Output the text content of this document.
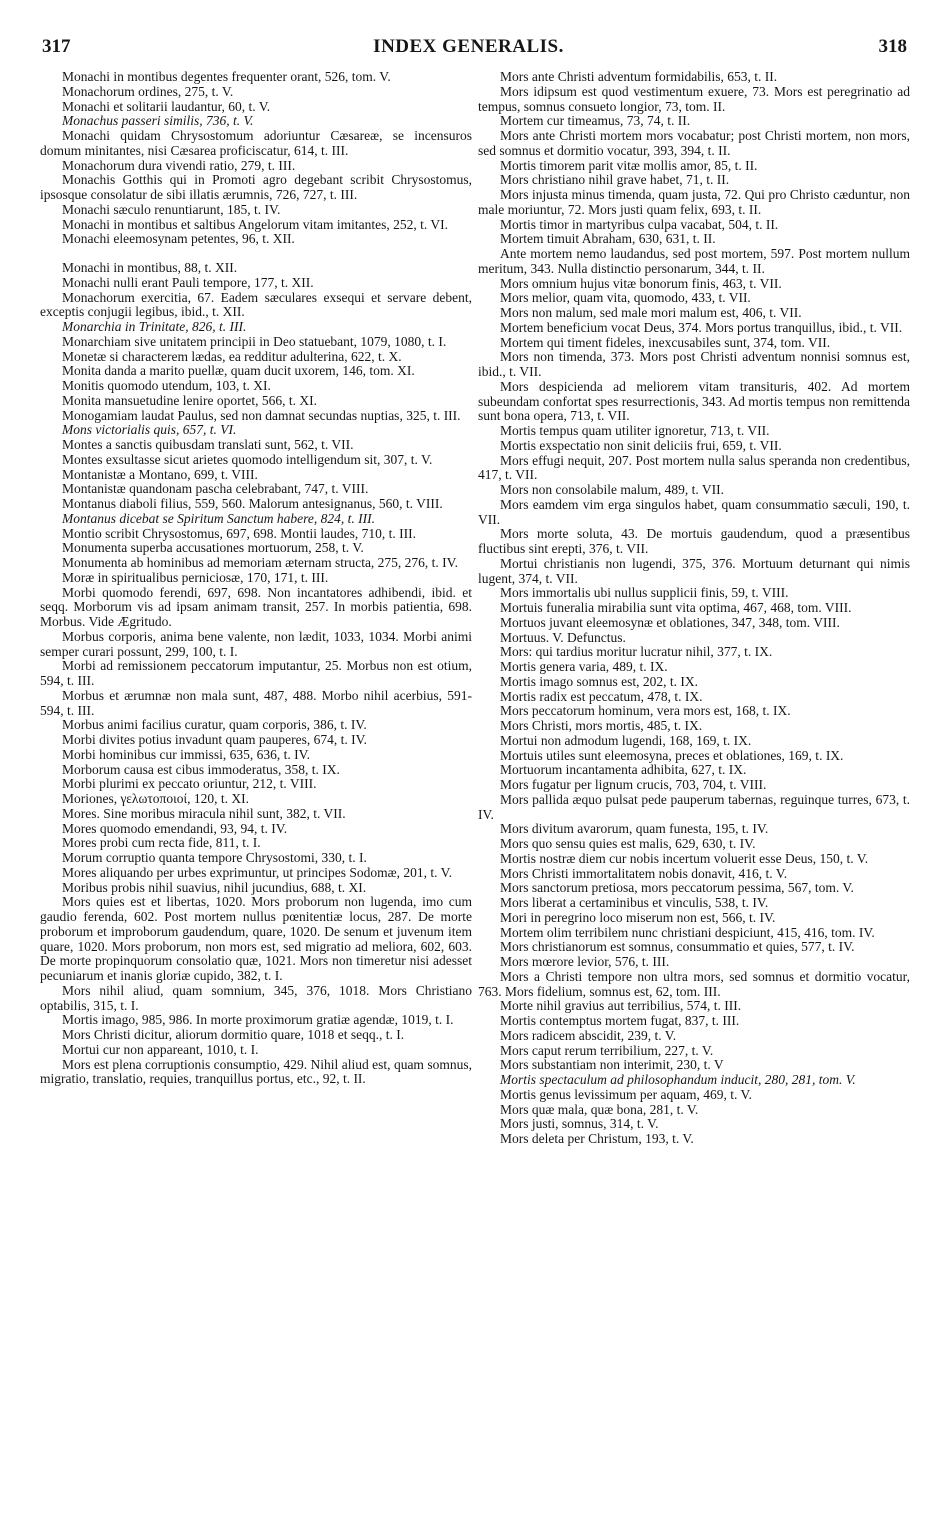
317	INDEX GENERALIS.	318

Monachi in montibus degentes frequenter orant, 526, tom. V.

Monachorum ordines, 275, t. V.

Monachi et solitarii laudantur, 60, t. V.

Monachus passeri similis, 736, t. V.

Monachi quidam Chrysostomum adoriuntur Cæsareæ, se incensuros domum minitantes, nisi Cæsarea proficiscatur, 614, t. III.

Monachorum dura vivendi ratio, 279, t. III.

Monachis Gotthis qui in Promoti agro degebant scribit Chrysostomus, ipsosque consolatur de sibi illatis ærumnis, 726, 727, t. III.

Monachi sæculo renuntiarunt, 185, t. IV.

Monachi in montibus et saltibus Angelorum vitam imitantes, 252, t. VI.

Monachi eleemosynam petentes, 96, t. XII.

Monachi in montibus, 88, t. XII.

Monachi nulli erant Pauli tempore, 177, t. XII.

Monachorum exercitia, 67. Eadem sæculares exsequi et servare debent, exceptis conjugii legibus, ibid., t. XII.

Monarchia in Trinitate, 826, t. III.

Monarchiam sive unitatem principii in Deo statuebant, 1079, 1080, t. I.

Monetæ si characterem lædas, ea redditur adulterina, 622, t. X.

Monita danda a marito puellæ, quam ducit uxorem, 146, tom. XI.

Monitis quomodo utendum, 103, t. XI.

Monita mansuetudine lenire oportet, 566, t. XI.

Monogamiam laudat Paulus, sed non damnat secundas nuptias, 325, t. III.

Mons victorialis quis, 657, t. VI.

Montes a sanctis quibusdam translati sunt, 562, t. VII.

Montes exsultasse sicut arietes quomodo intelligendum sit, 307, t. V.

Montanistæ a Montano, 699, t. VIII.

Montanistæ quandonam pascha celebrabant, 747, t. VIII.

Montanus diaboli filius, 559, 560. Malorum antesignanus, 560, t. VIII.

Montanus dicebat se Spiritum Sanctum habere, 824, t. III.

Montio scribit Chrysostomus, 697, 698. Montii laudes, 710, t. III.

Monumenta superba accusationes mortuorum, 258, t. V.

Monumenta ab hominibus ad memoriam æternam structa, 275, 276, t. IV.

Moræ in spiritualibus perniciosæ, 170, 171, t. III.

Morbi quomodo ferendi, 697, 698. Non incantatores adhibendi, ibid. et seqq. Morborum vis ad ipsam animam transit, 257. In morbis patientia, 698. Morbus. Vide Ægritudo.

Morbus corporis, anima bene valente, non lædit, 1033, 1034. Morbi animi semper curari possunt, 299, 100, t. I.

Morbi ad remissionem peccatorum imputantur, 25. Morbus non est otium, 594, t. III.

Morbus et ærumnæ non mala sunt, 487, 488. Morbo nihil acerbius, 591-594, t. III.

Morbus animi facilius curatur, quam corporis, 386, t. IV.

Morbi divites potius invadunt quam pauperes, 674, t. IV.

Morbi hominibus cur immissi, 635, 636, t. IV.

Morborum causa est cibus immoderatus, 358, t. IX.

Morbi plurimi ex peccato oriuntur, 212, t. VIII.

Moriones, γελωτοποιοί, 120, t. XI.

Mores. Sine moribus miracula nihil sunt, 382, t. VII.

Mores quomodo emendandi, 93, 94, t. IV.

Mores probi cum recta fide, 811, t. I.

Morum corruptio quanta tempore Chrysostomi, 330, t. I.

Mores aliquando per urbes exprimuntur, ut principes Sodomæ, 201, t. V.

Moribus probis nihil suavius, nihil jucundius, 688, t. XI.

Mors quies est et libertas, 1020. Mors proborum non lugenda, imo cum gaudio ferenda, 602. Post mortem nullus pœnitentiæ locus, 287. De morte proborum et improborum gaudendum, quare, 1020. De senum et juvenum item quare, 1020. Mors proborum, non mors est, sed migratio ad meliora, 602, 603. De morte propinquorum consolatio quæ, 1021. Mors non timeretur nisi adesset pecuniarum et inanis gloriæ cupido, 382, t. I.

Mors nihil aliud, quam somnium, 345, 376, 1018. Mors Christiano optabilis, 315, t. I.

Mortis imago, 985, 986. In morte proximorum gratiæ agendæ, 1019, t. I.

Mors Christi dicitur, aliorum dormitio quare, 1018 et seqq., t. I.

Mortui cur non appareant, 1010, t. I.

Mors est plena corruptionis consumptio, 429. Nihil aliud est, quam somnus, migratio, translatio, requies, tranquillus portus, etc., 92, t. II.

Mors ante Christi adventum formidabilis, 653, t. II.

Mors idipsum est quod vestimentum exuere, 73. Mors est peregrinatio ad tempus, somnus consueto longior, 73, tom. II.

Mortem cur timeamus, 73, 74, t. II.

Mors ante Christi mortem mors vocabatur; post Christi mortem, non mors, sed somnus et dormitio vocatur, 393, 394, t. II.

Mortis timorem parit vitæ mollis amor, 85, t. II.

Mors christiano nihil grave habet, 71, t. II.

Mors injusta minus timenda, quam justa, 72. Qui pro Christo cæduntur, non male moriuntur, 72. Mors justi quam felix, 693, t. II.

Mortis timor in martyribus culpa vacabat, 504, t. II.

Mortem timuit Abraham, 630, 631, t. II.

Ante mortem nemo laudandus, sed post mortem, 597. Post mortem nullum meritum, 343. Nulla distinctio personarum, 344, t. II.

Mors omnium hujus vitæ bonorum finis, 463, t. VII.

Mors melior, quam vita, quomodo, 433, t. VII.

Mors non malum, sed male mori malum est, 406, t. VII.

Mortem beneficium vocat Deus, 374. Mors portus tranquillus, ibid., t. VII.

Mortem qui timent fideles, inexcusabiles sunt, 374, tom. VII.

Mors non timenda, 373. Mors post Christi adventum nonnisi somnus est, ibid., t. VII.

Mors despicienda ad meliorem vitam transituris, 402. Ad mortem subeundam confortat spes resurrectionis, 343. Ad mortis tempus non remittenda sunt bona opera, 713, t. VII.

Mortis tempus quam utiliter ignoretur, 713, t. VII.

Mortis exspectatio non sinit deliciis frui, 659, t. VII.

Mors effugi nequit, 207. Post mortem nulla salus speranda non credentibus, 417, t. VII.

Mors non consolabile malum, 489, t. VII.

Mors eamdem vim erga singulos habet, quam consummatio sæculi, 190, t. VII.

Mors morte soluta, 43. De mortuis gaudendum, quod a præsentibus fluctibus sint erepti, 376, t. VII.

Mortui christianis non lugendi, 375, 376. Mortuum deturnant qui nimis lugent, 374, t. VII.

Mors immortalis ubi nullus supplicii finis, 59, t. VIII.

Mortuis funeralia mirabilia sunt vita optima, 467, 468, tom. VIII.

Mortuos juvant eleemosynæ et oblationes, 347, 348, tom. VIII.

Mortuus. V. Defunctus.

Mors: qui tardius moritur lucratur nihil, 377, t. IX.

Mortis genera varia, 489, t. IX.

Mortis imago somnus est, 202, t. IX.

Mortis radix est peccatum, 478, t. IX.

Mors peccatorum hominum, vera mors est, 168, t. IX.

Mors Christi, mors mortis, 485, t. IX.

Mortui non admodum lugendi, 168, 169, t. IX.

Mortuis utiles sunt eleemosyna, preces et oblationes, 169, t. IX.

Mortuorum incantamenta adhibita, 627, t. IX.

Mors fugatur per lignum crucis, 703, 704, t. VIII.

Mors pallida æquo pulsat pede pauperum tabernas, reguinque turres, 673, t. IV.

Mors divitum avarorum, quam funesta, 195, t. IV.

Mors quo sensu quies est malis, 629, 630, t. IV.

Mortis nostræ diem cur nobis incertum voluerit esse Deus, 150, t. V.

Mors Christi immortalitatem nobis donavit, 416, t. V.

Mors sanctorum pretiosa, mors peccatorum pessima, 567, tom. V.

Mors liberat a certaminibus et vinculis, 538, t. IV.

Mori in peregrino loco miserum non est, 566, t. IV.

Mortem olim terribilem nunc christiani despiciunt, 415, 416, tom. IV.

Mors christianorum est somnus, consummatio et quies, 577, t. IV.

Mors mœrore levior, 576, t. III.

Mors a Christi tempore non ultra mors, sed somnus et dormitio vocatur, 763. Mors fidelium, somnus est, 62, tom. III.

Morte nihil gravius aut terribilius, 574, t. III.

Mortis contemptus mortem fugat, 837, t. III.

Mors radicem abscidit, 239, t. V.

Mors caput rerum terribilium, 227, t. V.

Mors substantiam non interimit, 230, t. V

Mortis spectaculum ad philosophandum inducit, 280, 281, tom. V.

Mortis genus levissimum per aquam, 469, t. V.

Mors quæ mala, quæ bona, 281, t. V.

Mors justi, somnus, 314, t. V.

Mors deleta per Christum, 193, t. V.
